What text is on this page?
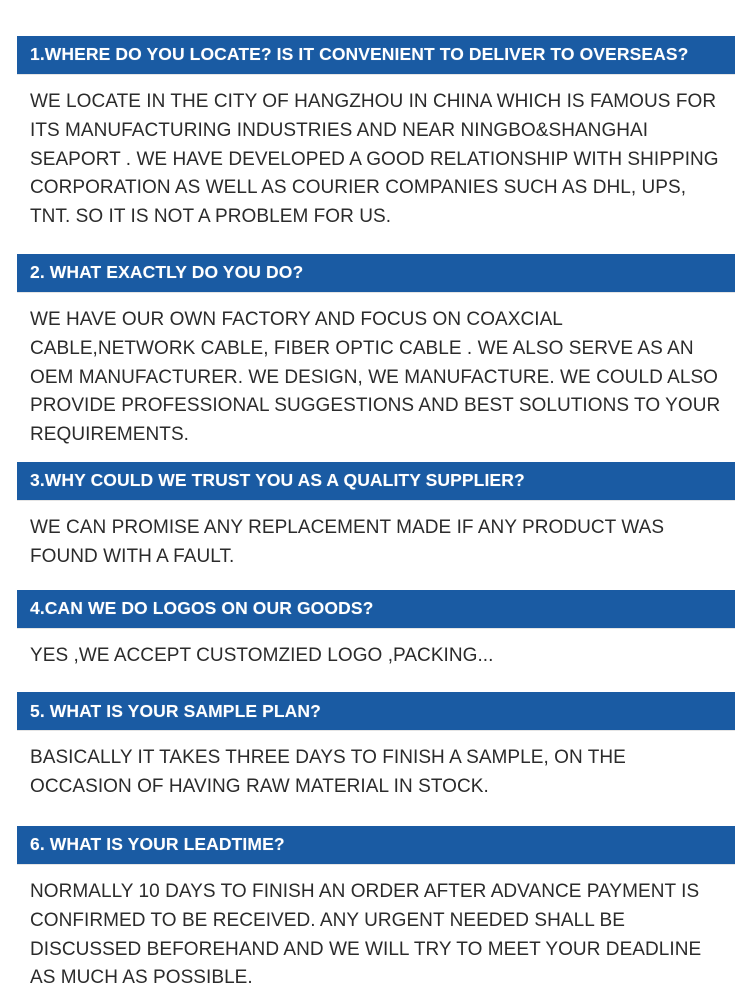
1.WHERE DO YOU LOCATE? IS IT CONVENIENT TO DELIVER TO OVERSEAS?

WE LOCATE IN THE CITY OF HANGZHOU IN CHINA WHICH IS FAMOUS FOR ITS MANUFACTURING INDUSTRIES AND NEAR NINGBO&SHANGHAI SEAPORT . WE HAVE DEVELOPED A GOOD RELATIONSHIP WITH SHIPPING CORPORATION AS WELL AS COURIER COMPANIES SUCH AS DHL, UPS, TNT. SO IT IS NOT A PROBLEM FOR US.

2. WHAT EXACTLY DO YOU DO?

WE HAVE OUR OWN FACTORY AND FOCUS ON COAXCIAL CABLE,NETWORK CABLE, FIBER OPTIC CABLE . WE ALSO SERVE AS AN OEM MANUFACTURER. WE DESIGN, WE MANUFACTURE. WE COULD ALSO PROVIDE PROFESSIONAL SUGGESTIONS AND BEST SOLUTIONS TO YOUR REQUIREMENTS.

3.WHY COULD WE TRUST YOU AS A QUALITY SUPPLIER?

WE CAN PROMISE ANY REPLACEMENT MADE IF ANY PRODUCT WAS FOUND WITH A FAULT.

4.CAN WE DO LOGOS ON OUR GOODS?

YES ,WE ACCEPT CUSTOMZIED LOGO ,PACKING...

5. WHAT IS YOUR SAMPLE PLAN?

BASICALLY IT TAKES THREE DAYS TO FINISH A SAMPLE, ON THE OCCASION OF HAVING RAW MATERIAL IN STOCK.

6. WHAT IS YOUR LEADTIME?

NORMALLY 10 DAYS TO FINISH AN ORDER AFTER ADVANCE PAYMENT IS CONFIRMED TO BE RECEIVED. ANY URGENT NEEDED SHALL BE DISCUSSED BEFOREHAND AND WE WILL TRY TO MEET YOUR DEADLINE AS MUCH AS POSSIBLE.
